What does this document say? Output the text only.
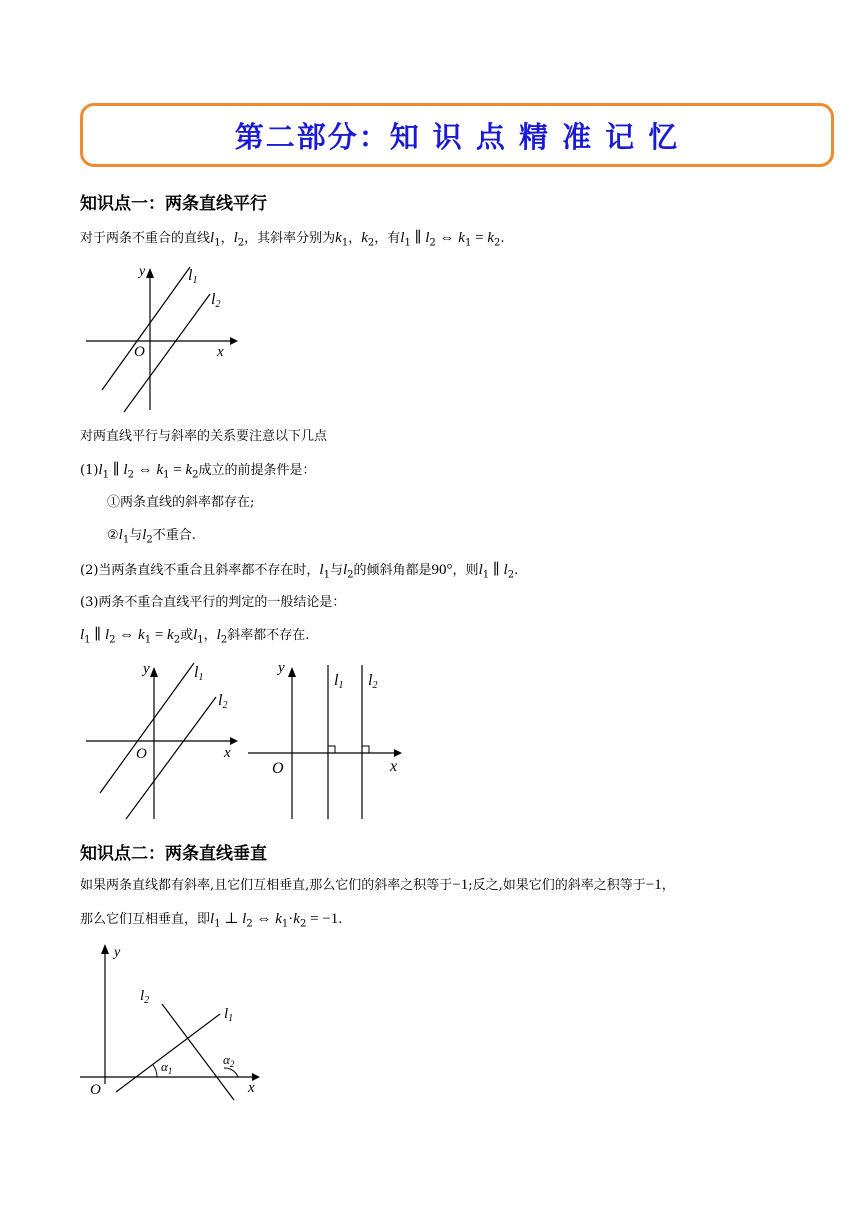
第二部分：知 识 点 精 准 记 忆
知识点一：两条直线平行
对于两条不重合的直线$l_1$，$l_2$，其斜率分别为$k_1$，$k_2$，有$l_1$ ∥ $l_2$ ⇔ $k_1 = k_2$.
y	l1
l2
O	x
对两直线平行与斜率的关系要注意以下几点
$(1)l_1$ ∥ $l_2$ ⇔ $k_1 = k_2$成立的前提条件是：
①两条直线的斜率都存在;
$②l_1$与$l_2$不重合.
(2)当两条直线不重合且斜率都不存在时，$l_1$与$l_2$的倾斜角都是90°，则$l_1$ ∥ $l_2$.
(3)两条不重合直线平行的判定的一般结论是：
$l_1$ ∥ $l_2$ ⇔ $k_1 = k_2$或$l_1$，$l_2$斜率都不存在.
y	l1
l2
O	x
y
l1 l2
O	x
知识点二：两条直线垂直
如果两条直线都有斜率,且它们互相垂直,那么它们的斜率之积等于−1;反之,如果它们的斜率之积等于−1，
那么它们互相垂直，即$l_1$ ⊥ $l_2$ ⇔ $k_1\cdot k_2 = -1$.
y
$l_2$
$l_1$
$\alpha_1$
$\alpha_2$
O	x
